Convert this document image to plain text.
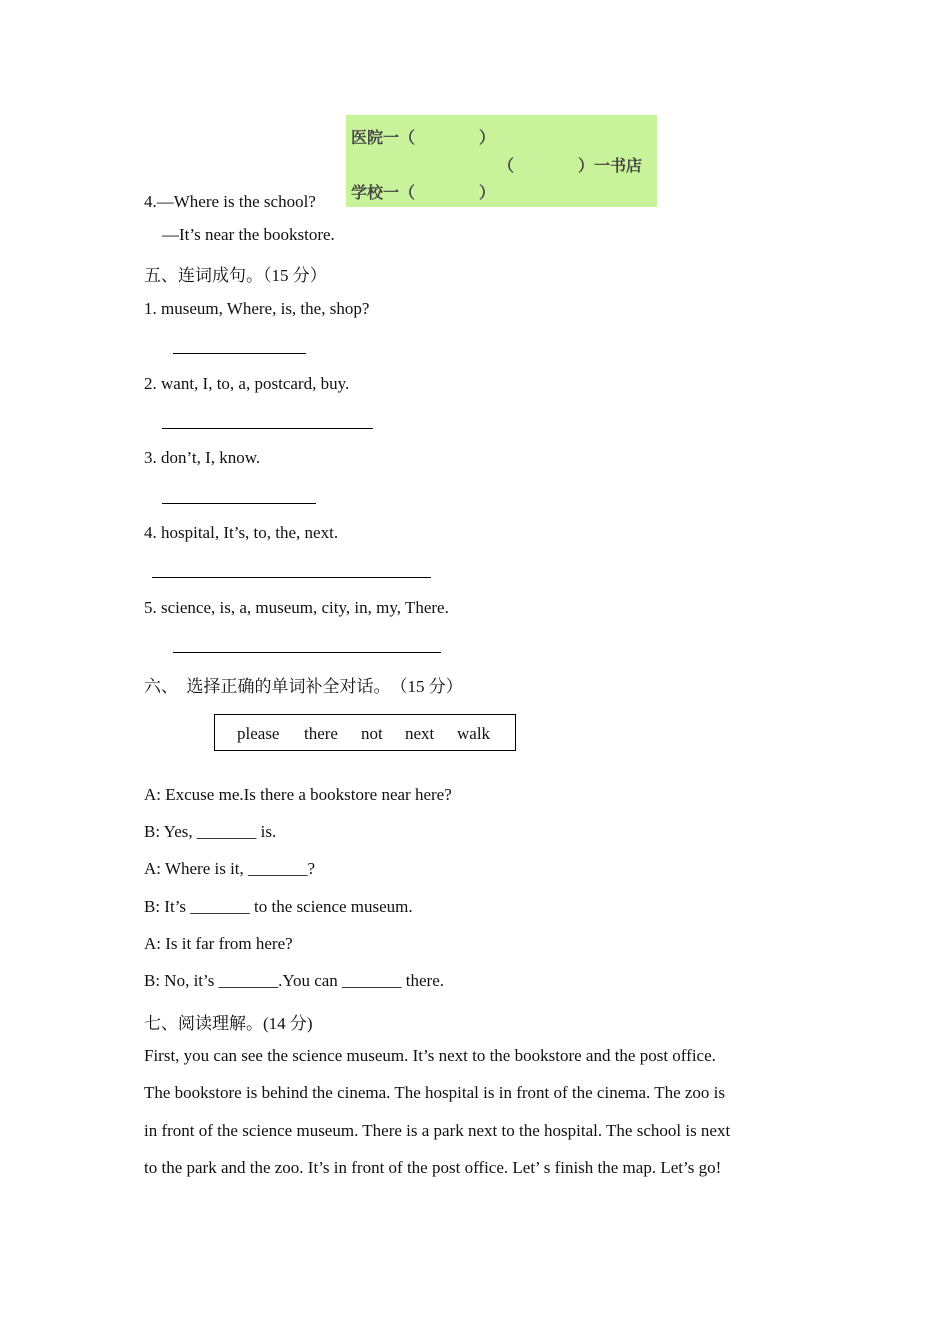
医院一（　　　　）
（　　　　）一书店
学校一（　　　　）
4.—Where is the school?
—It’s near the bookstore.
五、连词成句。（15 分）
1. museum, Where, is, the, shop?
2. want, I, to, a, postcard, buy.
3. don’t, I, know.
4. hospital, It’s, to, the, next.
5. science, is, a, museum, city, in, my, There.
六、　选择正确的单词补全对话。　（15 分）
please there not next walk
A: Excuse me.Is there a bookstore near here?
B: Yes, _______ is.
A: Where is it, _______?
B: It’s _______ to the science museum.
A: Is it far from here?
B: No, it’s _______.You can _______ there.
七、阅读理解。(14 分)
First, you can see the science museum. It’s next to the bookstore and the post office.
The bookstore is behind the cinema. The hospital is in front of the cinema. The zoo is
in front of the science museum. There is a park next to the hospital. The school is next
to the park and the zoo. It’s in front of the post office. Let’ s finish the map. Let’s go!
